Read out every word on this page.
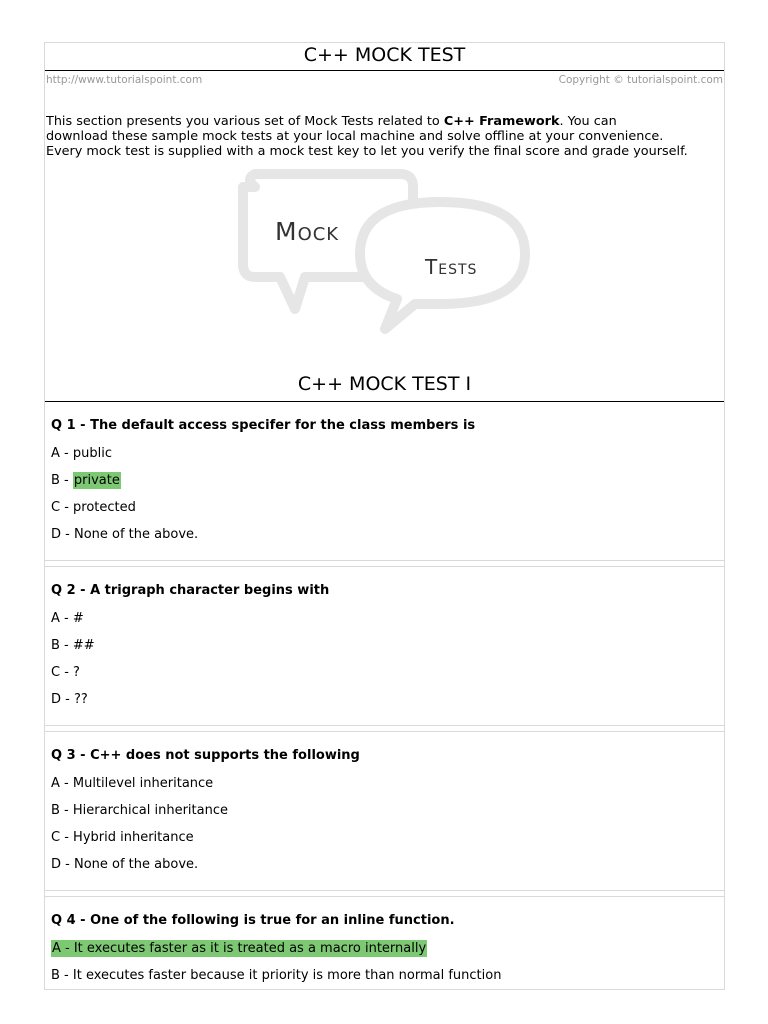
C++ MOCK TEST
http://www.tutorialspoint.com	Copyright © tutorialspoint.com
This section presents you various set of Mock Tests related to C++ Framework. You can
download these sample mock tests at your local machine and solve offline at your convenience.
Every mock test is supplied with a mock test key to let you verify the final score and grade yourself.
Mock
Tests
C++ MOCK TEST I
Q 1 - The default access specifer for the class members is
A - public
B - private
C - protected
D - None of the above.
Q 2 - A trigraph character begins with
A - #
B - ##
C - ?
D - ??
Q 3 - C++ does not supports the following
A - Multilevel inheritance
B - Hierarchical inheritance
C - Hybrid inheritance
D - None of the above.
Q 4 - One of the following is true for an inline function.
A - It executes faster as it is treated as a macro internally
B - It executes faster because it priority is more than normal function
